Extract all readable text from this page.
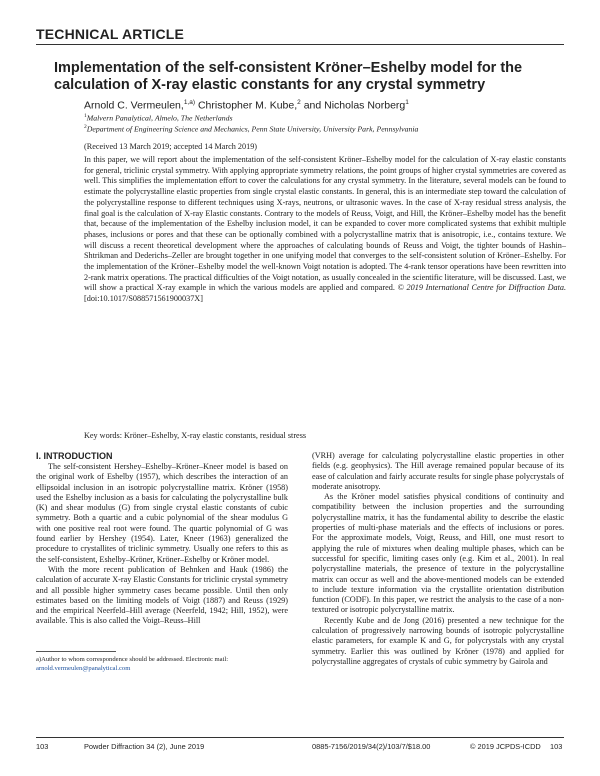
TECHNICAL ARTICLE
Implementation of the self-consistent Kröner–Eshelby model for the calculation of X-ray elastic constants for any crystal symmetry
Arnold C. Vermeulen,$^{1,a)}$ Christopher M. Kube,$^2$ and Nicholas Norberg$^1$
$^1$Malvern Panalytical, Almelo, The Netherlands
$^2$Department of Engineering Science and Mechanics, Penn State University, University Park, Pennsylvania
(Received 13 March 2019; accepted 14 March 2019)
In this paper, we will report about the implementation of the self-consistent Kröner–Eshelby model for the calculation of X-ray elastic constants for general, triclinic crystal symmetry. With applying appropriate symmetry relations, the point groups of higher crystal symmetries are covered as well. This simplifies the implementation effort to cover the calculations for any crystal symmetry. In the literature, several models can be found to estimate the polycrystalline elastic properties from single crystal elastic constants. In general, this is an intermediate step toward the calculation of the polycrystalline response to different techniques using X-rays, neutrons, or ultrasonic waves. In the case of X-ray residual stress analysis, the final goal is the calculation of X-ray Elastic constants. Contrary to the models of Reuss, Voigt, and Hill, the Kröner–Eshelby model has the benefit that, because of the implementation of the Eshelby inclusion model, it can be expanded to cover more complicated systems that exhibit multiple phases, inclusions or pores and that these can be optionally combined with a polycrystalline matrix that is anisotropic, i.e., contains texture. We will discuss a recent theoretical development where the approaches of calculating bounds of Reuss and Voigt, the tighter bounds of Hashin–Shtrikman and Dederichs–Zeller are brought together in one unifying model that converges to the self-consistent solution of Kröner–Eshelby. For the implementation of the Kröner–Eshelby model the well-known Voigt notation is adopted. The 4-rank tensor operations have been rewritten into 2-rank matrix operations. The practical difficulties of the Voigt notation, as usually concealed in the scientific literature, will be discussed. Last, we will show a practical X-ray example in which the various models are applied and compared. © 2019 International Centre for Diffraction Data. [doi:10.1017/S088571561900037X]
Key words: Kröner–Eshelby, X-ray elastic constants, residual stress
I. INTRODUCTION

The self-consistent Hershey–Eshelby–Kröner–Kneer model is based on the original work of Eshelby (1957), which describes the interaction of an ellipsoidal inclusion in an isotropic polycrystalline matrix. Kröner (1958) used the Eshelby inclusion as a basis for calculating the polycrystalline bulk (K) and shear modulus (G) from single crystal elastic constants of cubic symmetry. Both a quartic and a cubic polynomial of the shear modulus G with one positive real root were found. The quartic polynomial of G was found earlier by Hershey (1954). Later, Kneer (1963) generalized the procedure to crystallites of triclinic symmetry. Usually one refers to this as the self-consistent, Eshelby–Kröner, Kröner–Eshelby or Kröner model.

With the more recent publication of Behnken and Hauk (1986) the calculation of accurate X-ray Elastic Constants for triclinic crystal symmetry and all possible higher symmetry cases became possible. Until then only estimates based on the limiting models of Voigt (1887) and Reuss (1929) and the empirical Neerfeld–Hill average (Neerfeld, 1942; Hill, 1952), were available. This is also called the Voigt–Reuss–Hill

(VRH) average for calculating polycrystalline elastic properties in other fields (e.g. geophysics). The Hill average remained popular because of its ease of calculation and fairly accurate results for single phase polycrystals of moderate anisotropy.

As the Kröner model satisfies physical conditions of continuity and compatibility between the inclusion properties and the surrounding polycrystalline matrix, it has the fundamental ability to describe the elastic properties of multi-phase materials and the effects of inclusions or pores. For the approximate models, Voigt, Reuss, and Hill, one must resort to applying the rule of mixtures when dealing multiple phases, which can be successful for specific, limiting cases only (e.g. Kim et al., 2001). In real polycrystalline materials, the presence of texture in the polycrystalline matrix can occur as well and the above-mentioned models can be extended to include texture information via the crystallite orientation distribution function (CODF). In this paper, we restrict the analysis to the case of a non-textured or isotropic polycrystalline matrix.

Recently Kube and de Jong (2016) presented a new technique for the calculation of progressively narrowing bounds of isotropic polycrystalline elastic parameters, for example K and G, for polycrystals with any crystal symmetry. Earlier this was outlined by Kröner (1978) and applied for polycrystalline aggregates of crystals of cubic symmetry by Gairola and

a)Author to whom correspondence should be addressed. Electronic mail:
arnold.vermeulen@panalytical.com
103	Powder Diffraction 34 (2), June 2019	0885-7156/2019/34(2)/103/7/$18.00	© 2019 JCPDS-ICDD 103
